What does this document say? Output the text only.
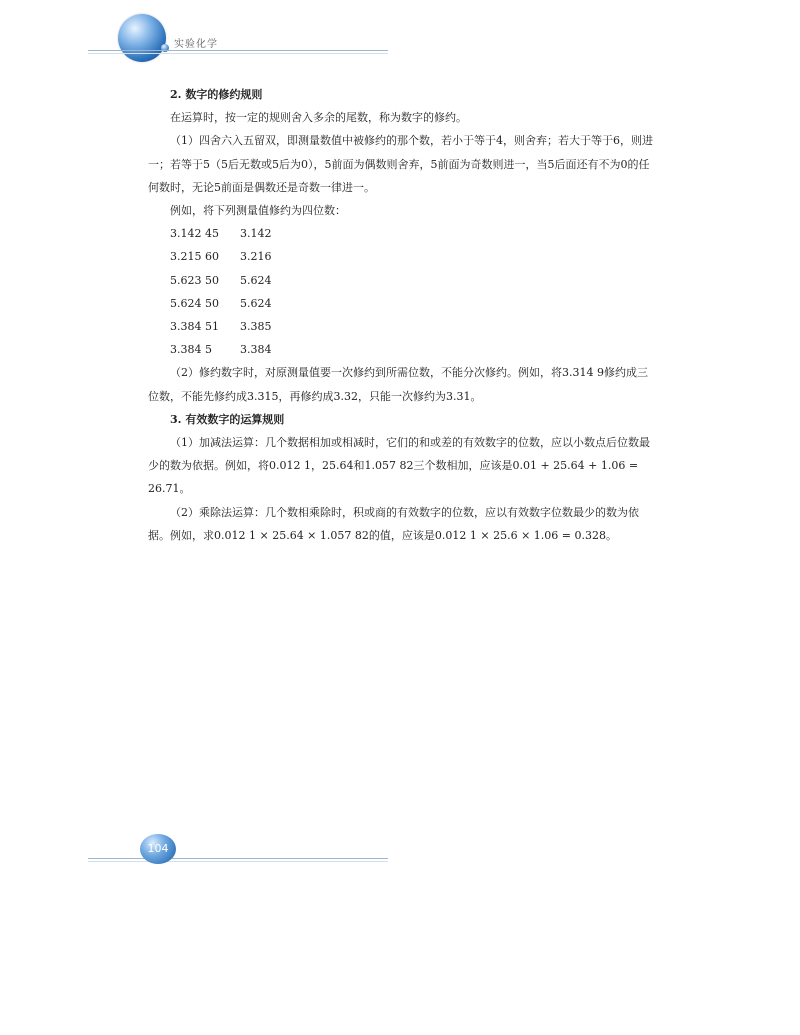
实验化学

2. 数字的修约规则

在运算时，按一定的规则舍入多余的尾数，称为数字的修约。

（1）四舍六入五留双，即测量数值中被修约的那个数，若小于等于4，则舍弃；若大于等于6，则进一；若等于5（5后无数或5后为0），5前面为偶数则舍弃，5前面为奇数则进一，当5后面还有不为0的任何数时，无论5前面是偶数还是奇数一律进一。

例如，将下列测量值修约为四位数：

3.142 45	3.142
3.215 60	3.216
5.623 50	5.624
5.624 50	5.624
3.384 51	3.385
3.384 5	3.384

（2）修约数字时，对原测量值要一次修约到所需位数，不能分次修约。例如，将3.314 9修约成三位数，不能先修约成3.315，再修约成3.32，只能一次修约为3.31。

3. 有效数字的运算规则

（1）加减法运算：几个数据相加或相减时，它们的和或差的有效数字的位数，应以小数点后位数最少的数为依据。例如，将0.012 1，25.64和1.057 82三个数相加，应该是0.01 + 25.64 + 1.06 = 26.71。

（2）乘除法运算：几个数相乘除时，积或商的有效数字的位数，应以有效数字位数最少的数为依据。例如，求0.012 1 × 25.64 × 1.057 82的值，应该是0.012 1 × 25.6 × 1.06 = 0.328。

104
